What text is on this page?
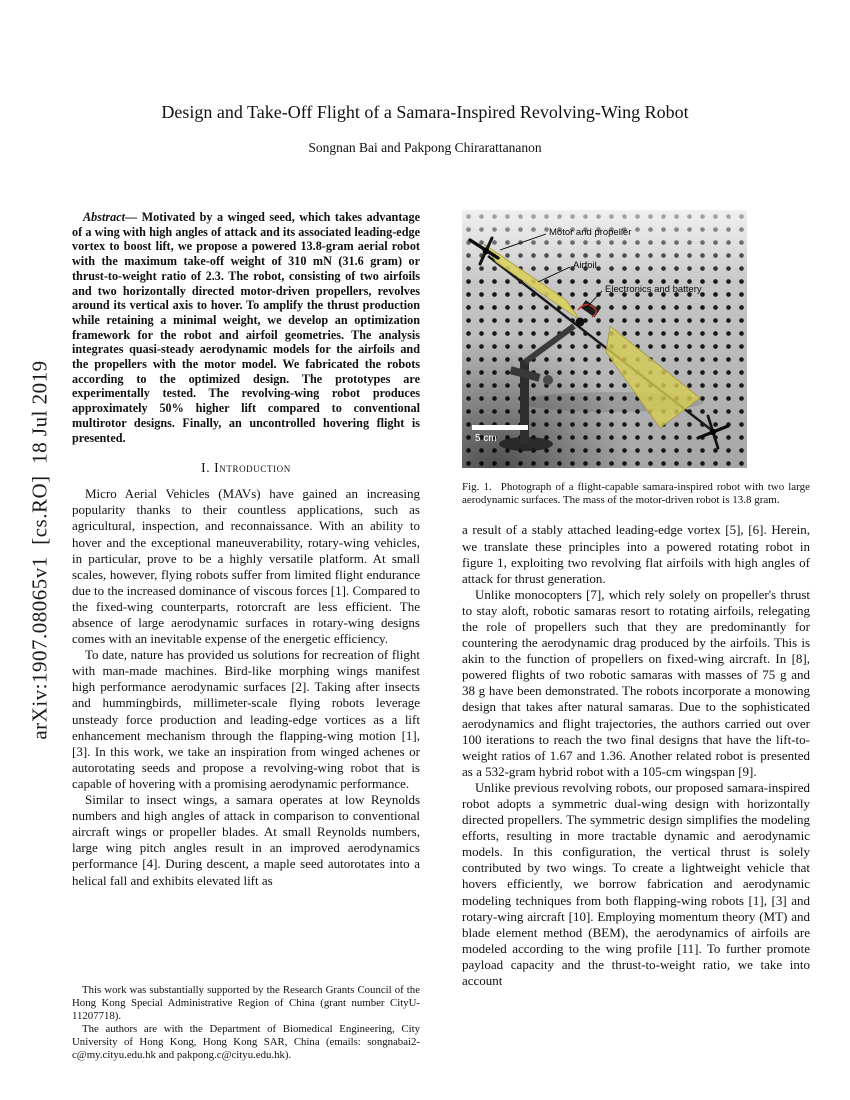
arXiv:1907.08065v1  [cs.RO]  18 Jul 2019
Design and Take-Off Flight of a Samara-Inspired Revolving-Wing Robot
Songnan Bai and Pakpong Chirarattananon

Abstract— Motivated by a winged seed, which takes advantage of a wing with high angles of attack and its associated leading-edge vortex to boost lift, we propose a powered 13.8-gram aerial robot with the maximum take-off weight of 310 mN (31.6 gram) or thrust-to-weight ratio of 2.3. The robot, consisting of two airfoils and two horizontally directed motor-driven propellers, revolves around its vertical axis to hover. To amplify the thrust production while retaining a minimal weight, we develop an optimization framework for the robot and airfoil geometries. The analysis integrates quasi-steady aerodynamic models for the airfoils and the propellers with the motor model. We fabricated the robots according to the optimized design. The prototypes are experimentally tested. The revolving-wing robot produces approximately 50% higher lift compared to conventional multirotor designs. Finally, an uncontrolled hovering flight is presented.

I. Introduction

Micro Aerial Vehicles (MAVs) have gained an increasing popularity thanks to their countless applications, such as agricultural, inspection, and reconnaissance. With an ability to hover and the exceptional maneuverability, rotary-wing vehicles, in particular, prove to be a highly versatile platform. At small scales, however, flying robots suffer from limited flight endurance due to the increased dominance of viscous forces [1]. Compared to the fixed-wing counterparts, rotorcraft are less efficient. The absence of large aerodynamic surfaces in rotary-wing designs comes with an inevitable expense of the energetic efficiency.

To date, nature has provided us solutions for recreation of flight with man-made machines. Bird-like morphing wings manifest high performance aerodynamic surfaces [2]. Taking after insects and hummingbirds, millimeter-scale flying robots leverage unsteady force production and leading-edge vortices as a lift enhancement mechanism through the flapping-wing motion [1], [3]. In this work, we take an inspiration from winged achenes or autorotating seeds and propose a revolving-wing robot that is capable of hovering with a promising aerodynamic performance.

Similar to insect wings, a samara operates at low Reynolds numbers and high angles of attack in comparison to conventional aircraft wings or propeller blades. At small Reynolds numbers, large wing pitch angles result in an improved aerodynamics performance [4]. During descent, a maple seed autorotates into a helical fall and exhibits elevated lift as

This work was substantially supported by the Research Grants Council of the Hong Kong Special Administrative Region of China (grant number CityU-11207718).

The authors are with the Department of Biomedical Engineering, City University of Hong Kong, Hong Kong SAR, China (emails: songnabai2-c@my.cityu.edu.hk and pakpong.c@cityu.edu.hk).

Motor and propeller
Airfoil
Electronics and battery
5 cm
Fig. 1. Photograph of a flight-capable samara-inspired robot with two large aerodynamic surfaces. The mass of the motor-driven robot is 13.8 gram.

a result of a stably attached leading-edge vortex [5], [6]. Herein, we translate these principles into a powered rotating robot in figure 1, exploiting two revolving flat airfoils with high angles of attack for thrust generation.

Unlike monocopters [7], which rely solely on propeller's thrust to stay aloft, robotic samaras resort to rotating airfoils, relegating the role of propellers such that they are predominantly for countering the aerodynamic drag produced by the airfoils. This is akin to the function of propellers on fixed-wing aircraft. In [8], powered flights of two robotic samaras with masses of 75 g and 38 g have been demonstrated. The robots incorporate a monowing design that takes after natural samaras. Due to the sophisticated aerodynamics and flight trajectories, the authors carried out over 100 iterations to reach the two final designs that have the lift-to-weight ratios of 1.67 and 1.36. Another related robot is presented as a 532-gram hybrid robot with a 105-cm wingspan [9].

Unlike previous revolving robots, our proposed samara-inspired robot adopts a symmetric dual-wing design with horizontally directed propellers. The symmetric design simplifies the modeling efforts, resulting in more tractable dynamic and aerodynamic models. In this configuration, the vertical thrust is solely contributed by two wings. To create a lightweight vehicle that hovers efficiently, we borrow fabrication and aerodynamic modeling techniques from both flapping-wing robots [1], [3] and rotary-wing aircraft [10]. Employing momentum theory (MT) and blade element method (BEM), the aerodynamics of airfoils are modeled according to the wing profile [11]. To further promote payload capacity and the thrust-to-weight ratio, we take into account
